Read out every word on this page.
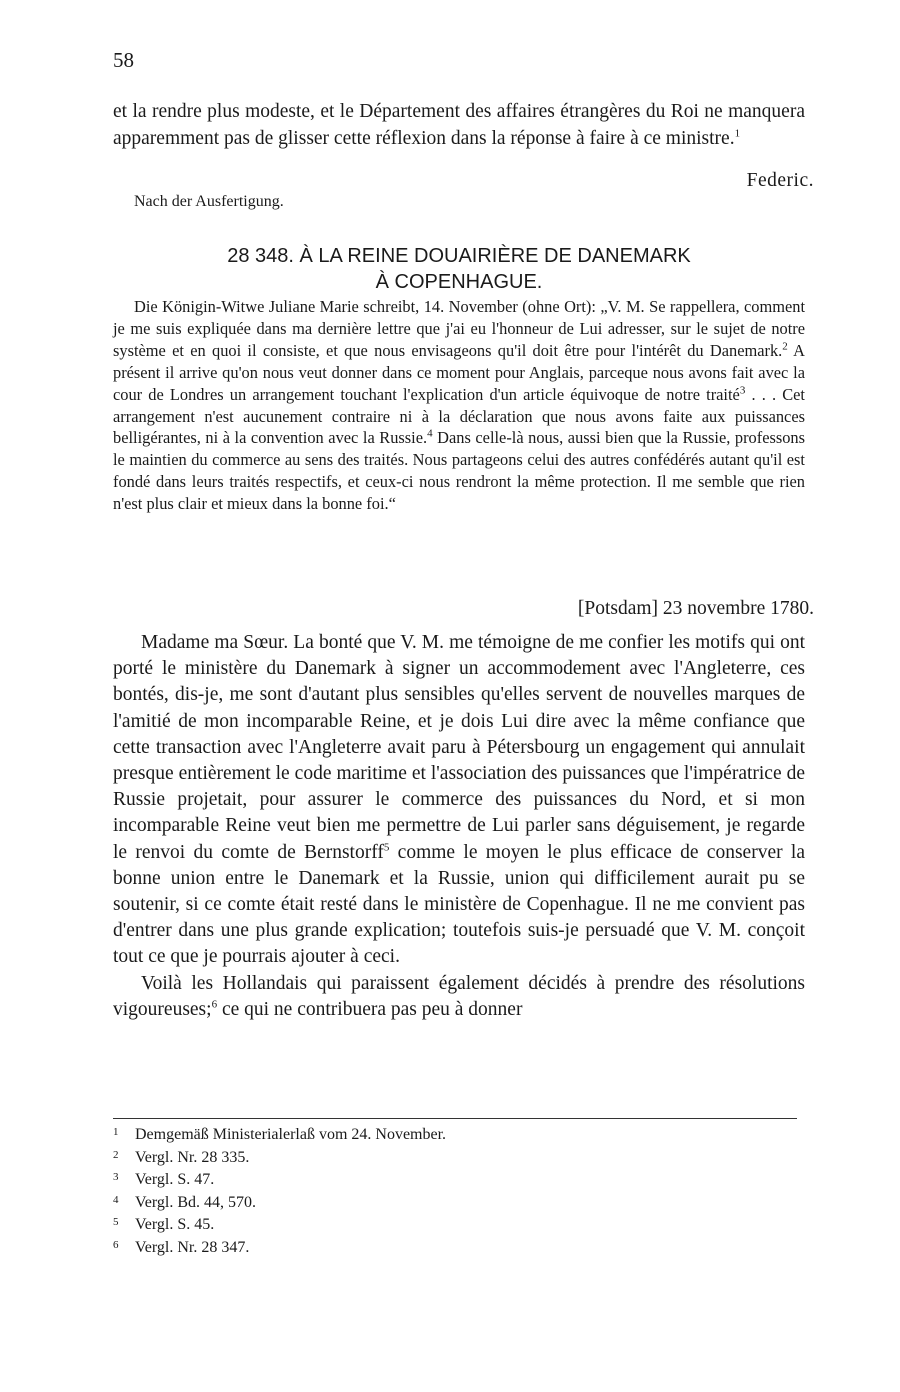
58
et la rendre plus modeste, et le Département des affaires étrangères du Roi ne manquera apparemment pas de glisser cette réflexion dans la réponse à faire à ce ministre.$^1$
Federic.
Nach der Ausfertigung.
28 348. À LA REINE DOUAIRIÈRE DE DANEMARK
À COPENHAGUE.
Die Königin-Witwe Juliane Marie schreibt, 14. November (ohne Ort): „V. M. Se rappellera, comment je me suis expliquée dans ma dernière lettre que j'ai eu l'honneur de Lui adresser, sur le sujet de notre système et en quoi il consiste, et que nous envisageons qu'il doit être pour l'intérêt du Danemark.$^2$ A présent il arrive qu'on nous veut donner dans ce moment pour Anglais, parceque nous avons fait avec la cour de Londres un arrangement touchant l'explication d'un article équivoque de notre traité$^3$ . . . Cet arrangement n'est aucunement contraire ni à la déclaration que nous avons faite aux puissances belligérantes, ni à la convention avec la Russie.$^4$ Dans celle-là nous, aussi bien que la Russie, professons le maintien du commerce au sens des traités. Nous partageons celui des autres confédérés autant qu'il est fondé dans leurs traités respectifs, et ceux-ci nous rendront la même protection. Il me semble que rien n'est plus clair et mieux dans la bonne foi.“
[Potsdam] 23 novembre 1780.

Madame ma Sœur. La bonté que V. M. me témoigne de me confier les motifs qui ont porté le ministère du Danemark à signer un accommodement avec l'Angleterre, ces bontés, dis-je, me sont d'autant plus sensibles qu'elles servent de nouvelles marques de l'amitié de mon incomparable Reine, et je dois Lui dire avec la même confiance que cette transaction avec l'Angleterre avait paru à Pétersbourg un engagement qui annulait presque entièrement le code maritime et l'association des puissances que l'impératrice de Russie projetait, pour assurer le commerce des puissances du Nord, et si mon incomparable Reine veut bien me permettre de Lui parler sans déguisement, je regarde le renvoi du comte de Bernstorff$^5$ comme le moyen le plus efficace de conserver la bonne union entre le Danemark et la Russie, union qui difficilement aurait pu se soutenir, si ce comte était resté dans le ministère de Copenhague. Il ne me convient pas d'entrer dans une plus grande explication; toutefois suis-je persuadé que V. M. conçoit tout ce que je pourrais ajouter à ceci.

Voilà les Hollandais qui paraissent également décidés à prendre des résolutions vigoureuses;$^6$ ce qui ne contribuera pas peu à donner

1	Demgemäß Ministerialerlaß vom 24. November.
2	Vergl. Nr. 28 335.
3	Vergl. S. 47.
4	Vergl. Bd. 44, 570.
5	Vergl. S. 45.
6	Vergl. Nr. 28 347.
